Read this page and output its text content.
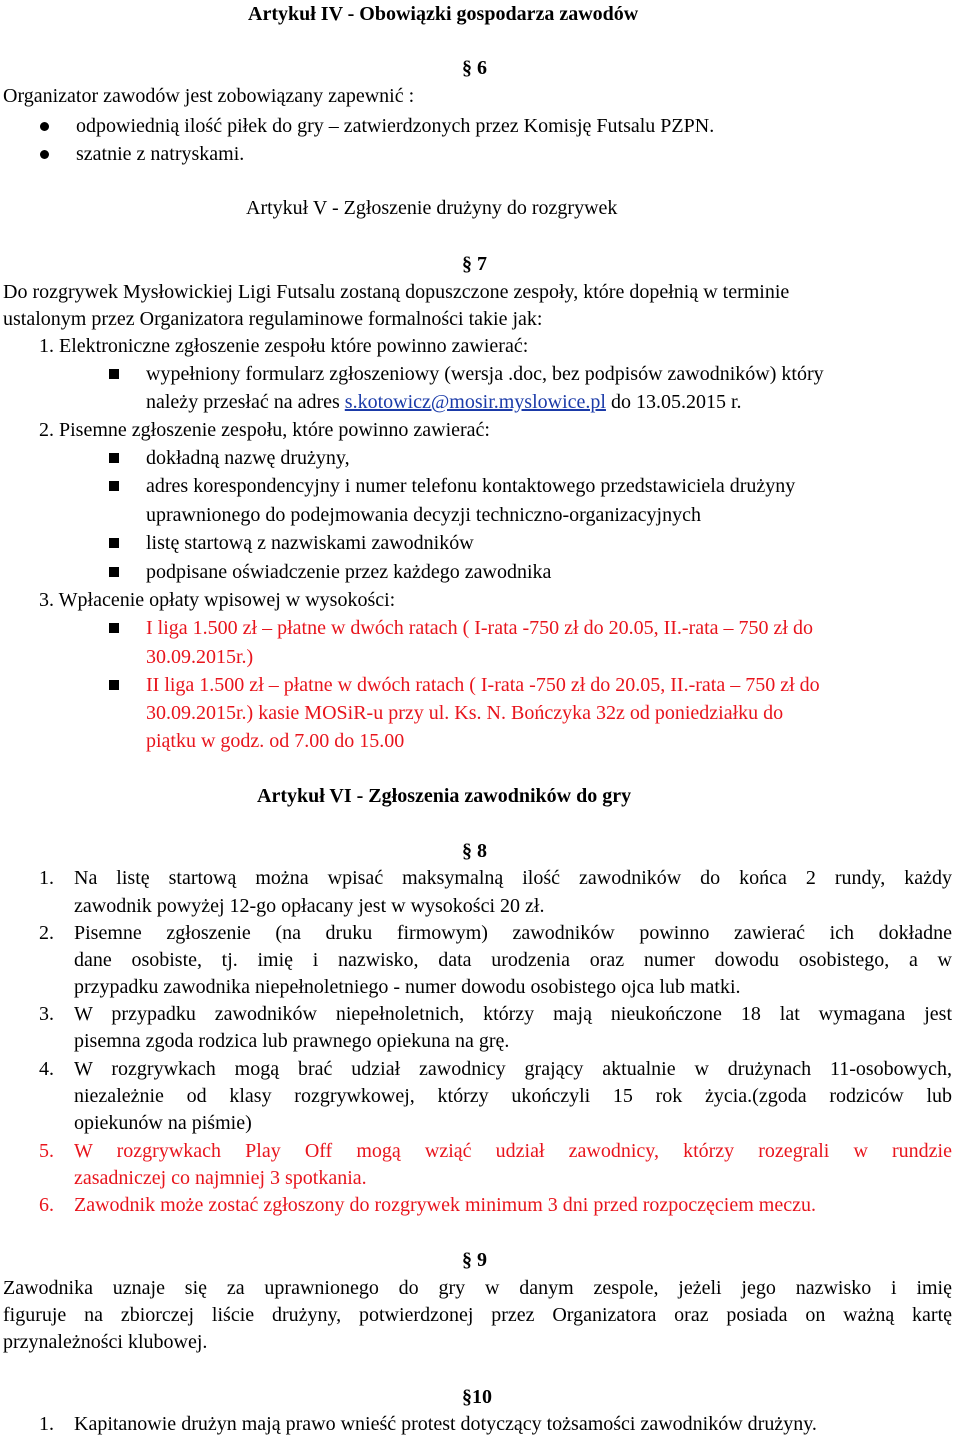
Artykuł IV - Obowiązki gospodarza zawodów
§ 6
Organizator zawodów jest zobowiązany zapewnić :
odpowiednią ilość piłek do gry – zatwierdzonych przez Komisję Futsalu PZPN.
szatnie z natryskami.
Artykuł V - Zgłoszenie drużyny do rozgrywek
§ 7
Do rozgrywek Mysłowickiej Ligi Futsalu zostaną dopuszczone zespoły, które dopełnią w terminie
ustalonym przez Organizatora regulaminowe formalności takie jak:
1. Elektroniczne zgłoszenie zespołu które powinno zawierać:
wypełniony formularz zgłoszeniowy (wersja .doc, bez podpisów zawodników) który
należy przesłać na adres s.kotowicz@mosir.myslowice.pl do 13.05.2015 r.
2. Pisemne zgłoszenie zespołu, które powinno zawierać:
dokładną nazwę drużyny,
adres korespondencyjny i numer telefonu kontaktowego przedstawiciela drużyny
uprawnionego do podejmowania decyzji techniczno-organizacyjnych
listę startową z nazwiskami zawodników
podpisane oświadczenie przez każdego zawodnika
3. Wpłacenie opłaty wpisowej w wysokości:
I liga 1.500 zł – płatne w dwóch ratach ( I-rata -750 zł do 20.05, II.-rata – 750 zł do
30.09.2015r.)
II liga 1.500 zł – płatne w dwóch ratach ( I-rata -750 zł do 20.05, II.-rata – 750 zł do
30.09.2015r.) kasie MOSiR-u przy ul. Ks. N. Bończyka 32z od poniedziałku do
piątku w godz. od 7.00 do 15.00
Artykuł VI - Zgłoszenia zawodników do gry
§ 8
1. Na listę startową można wpisać maksymalną ilość zawodników do końca 2 rundy, każdy
zawodnik powyżej 12-go opłacany jest w wysokości 20 zł.
2. Pisemne zgłoszenie (na druku firmowym) zawodników powinno zawierać ich dokładne
dane osobiste, tj. imię i nazwisko, data urodzenia oraz numer dowodu osobistego, a w
przypadku zawodnika niepełnoletniego - numer dowodu osobistego ojca lub matki.
3. W przypadku zawodników niepełnoletnich, którzy mają nieukończone 18 lat wymagana jest
pisemna zgoda rodzica lub prawnego opiekuna na grę.
4. W rozgrywkach mogą brać udział zawodnicy grający aktualnie w drużynach 11-osobowych,
niezależnie od klasy rozgrywkowej, którzy ukończyli 15 rok życia.(zgoda rodziców lub
opiekunów na piśmie)
5. W rozgrywkach Play Off mogą wziąć udział zawodnicy, którzy rozegrali w rundzie
zasadniczej co najmniej 3 spotkania.
6. Zawodnik może zostać zgłoszony do rozgrywek minimum 3 dni przed rozpoczęciem meczu.
§ 9
Zawodnika uznaje się za uprawnionego do gry w danym zespole, jeżeli jego nazwisko i imię
figuruje na zbiorczej liście drużyny, potwierdzonej przez Organizatora oraz posiada on ważną kartę
przynależności klubowej.
§10
1. Kapitanowie drużyn mają prawo wnieść protest dotyczący tożsamości zawodników drużyny.
